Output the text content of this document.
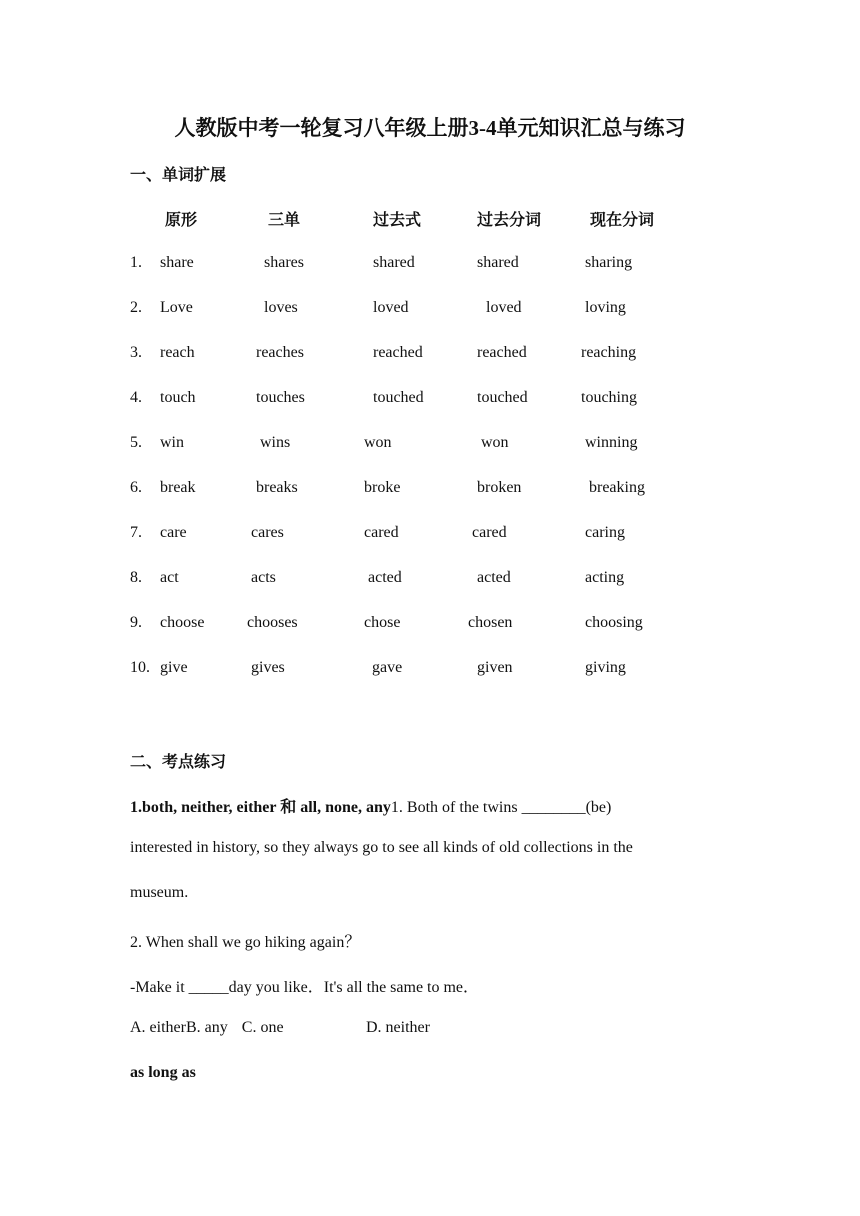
人教版中考一轮复习八年级上册3-4单元知识汇总与练习
一、单词扩展
原形	三单	过去式	过去分词	现在分词
1. share	shares	shared	shared	sharing
2. Love	loves	loved	loved	loving
3. reach	reaches	reached	reached	reaching
4. touch	touches	touched	touched	touching
5. win	wins	won	won	winning
6. break	breaks	broke	broken	breaking
7. care	cares	cared	cared	caring
8. act	acts	acted	acted	acting
9. choose	chooses	chose	chosen	choosing
10. give	gives	gave	given	giving
二、考点练习
1.both, neither, either 和 all, none, any1. Both of the twins ________(be)
interested in history, so they always go to see all kinds of old collections in the
museum.
2. When shall we go hiking again？
-Make it _____day you like．It's all the same to me．
A. eitherB. any C. one	D. neither
as long as
